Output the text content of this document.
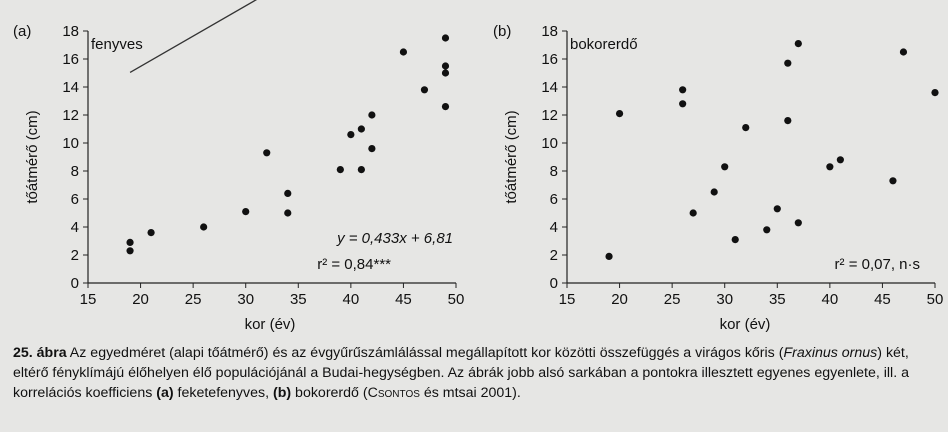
0
2
4
6
8
10
12
14
16
18
15 20 25 30 35 40 45 50
kor (év)
tőátmérő (cm)
(a)
fenyves
y = 0,433x + 6,81
r² = 0,84***
0
2
4
6
8
10
12
14
16
18
15 20 25 30 35 40 45 50
kor (év)
tőátmérő (cm)
(b)
bokorerdő
r² = 0,07, n·s
25. ábra Az egyedméret (alapi tőátmérő) és az évgyűrűszámlálással megállapított kor közötti összefüggés a virágos kőris (Fraxinus ornus) két, eltérő fényklímájú élőhelyen élő populációjánál a Budai-hegységben. Az ábrák jobb alsó sarkában a pontokra illesztett egyenes egyenlete, ill. a korrelációs koefficiens (a) feketefenyves, (b) bokorerdő (Csontos és mtsai 2001).
